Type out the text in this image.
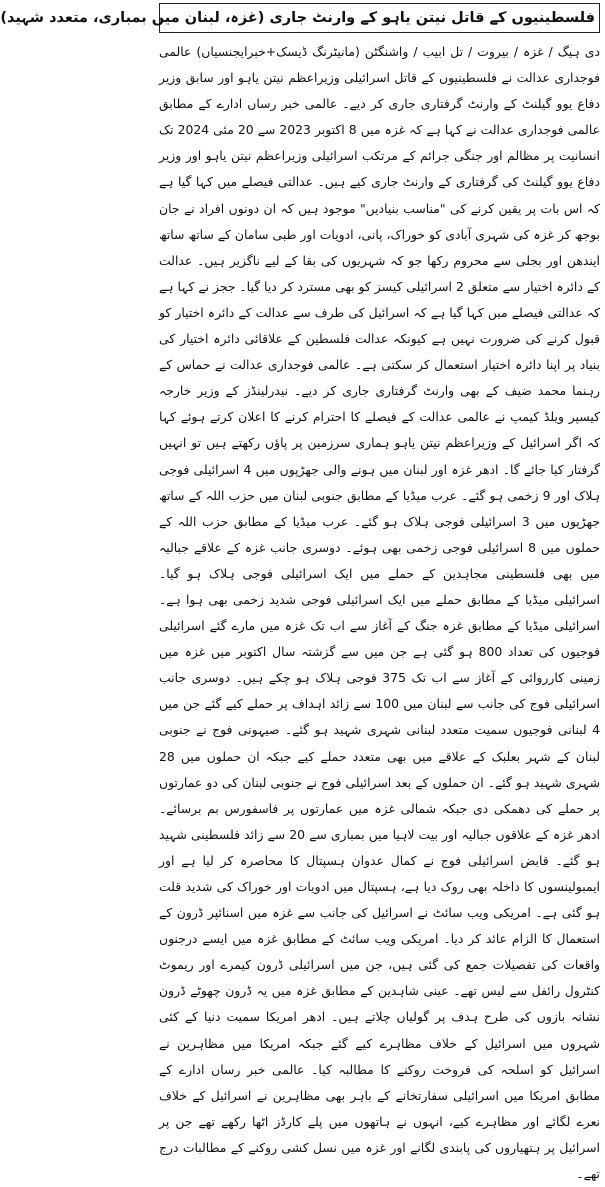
فلسطینیوں کے قاتل نیتن یاہو کے وارنٹ جاری (غزہ، لبنان میں بمباری، متعدد شہید)

دی ہیگ / غزہ / بیروت / تل ابیب / واشنگٹن (مانیٹرنگ ڈیسک+خبرایجنسیاں) عالمی فوجداری عدالت نے فلسطینیوں کے قاتل اسرائیلی وزیراعظم نیتن یاہو اور سابق وزیر دفاع یوو گیلنٹ کے وارنٹ گرفتاری جاری کر دیے۔ عالمی خبر رساں ادارے کے مطابق عالمی فوجداری عدالت نے کہا ہے کہ غزہ میں 8 اکتوبر 2023 سے 20 مئی 2024 تک انسانیت پر مظالم اور جنگی جرائم کے مرتکب اسرائیلی وزیراعظم نیتن یاہو اور وزیر دفاع یوو گیلنٹ کی گرفتاری کے وارنٹ جاری کیے ہیں۔ عدالتی فیصلے میں کہا گیا ہے کہ اس بات پر یقین کرنے کی "مناسب بنیادیں" موجود ہیں کہ ان دونوں افراد نے جان بوجھ کر غزہ کی شہری آبادی کو خوراک، پانی، ادویات اور طبی سامان کے ساتھ ساتھ ایندھن اور بجلی سے محروم رکھا جو کہ شہریوں کی بقا کے لیے ناگزیر ہیں۔ عدالت کے دائرہ اختیار سے متعلق 2 اسرائیلی کیسز کو بھی مسترد کر دیا گیا۔ ججز نے کہا ہے کہ عدالتی فیصلے میں کہا گیا ہے کہ اسرائیل کی طرف سے عدالت کے دائرہ اختیار کو قبول کرنے کی ضرورت نہیں ہے کیونکہ عدالت فلسطین کے علاقائی دائرہ اختیار کی بنیاد پر اپنا دائرہ اختیار استعمال کر سکتی ہے۔ عالمی فوجداری عدالت نے حماس کے رہنما محمد ضیف کے بھی وارنٹ گرفتاری جاری کر دیے۔ نیدرلینڈز کے وزیر خارجہ کیسپر ویلڈ کیمپ نے عالمی عدالت کے فیصلے کا احترام کرنے کا اعلان کرتے ہوئے کہا کہ اگر اسرائیل کے وزیراعظم نیتن یاہو ہماری سرزمین پر پاؤں رکھتے ہیں تو انہیں گرفتار کیا جائے گا۔ ادھر غزہ اور لبنان میں ہونے والی جھڑپوں میں 4 اسرائیلی فوجی ہلاک اور 9 زخمی ہو گئے۔ عرب میڈیا کے مطابق جنوبی لبنان میں حزب اللہ کے ساتھ جھڑپوں میں 3 اسرائیلی فوجی ہلاک ہو گئے۔ عرب میڈیا کے مطابق حزب اللہ کے حملوں میں 8 اسرائیلی فوجی زخمی بھی ہوئے۔ دوسری جانب غزہ کے علاقے جبالیہ میں بھی فلسطینی مجاہدین کے حملے میں ایک اسرائیلی فوجی ہلاک ہو گیا۔ اسرائیلی میڈیا کے مطابق حملے میں ایک اسرائیلی فوجی شدید زخمی بھی ہوا ہے۔ اسرائیلی میڈیا کے مطابق غزہ جنگ کے آغاز سے اب تک غزہ میں مارے گئے اسرائیلی فوجیوں کی تعداد 800 ہو گئی ہے جن میں سے گزشتہ سال اکتوبر میں غزہ میں زمینی کارروائی کے آغاز سے اب تک 375 فوجی ہلاک ہو چکے ہیں۔ دوسری جانب اسرائیلی فوج کی جانب سے لبنان میں 100 سے زائد اہداف پر حملے کیے گئے جن میں 4 لبنانی فوجیوں سمیت متعدد لبنانی شہری شہید ہو گئے۔ صیہونی فوج نے جنوبی لبنان کے شہر بعلبک کے علاقے میں بھی متعدد حملے کیے جبکہ ان حملوں میں 28 شہری شہید ہو گئے۔ ان حملوں کے بعد اسرائیلی فوج نے جنوبی لبنان کی دو عمارتوں پر حملے کی دھمکی دی جبکہ شمالی غزہ میں عمارتوں پر فاسفورس بم برسائے۔ ادھر غزہ کے علاقوں جبالیہ اور بیت لاہیا میں بمباری سے 20 سے زائد فلسطینی شہید ہو گئے۔ قابض اسرائیلی فوج نے کمال عدوان ہسپتال کا محاصرہ کر لیا ہے اور ایمبولینسوں کا داخلہ بھی روک دیا ہے، ہسپتال میں ادویات اور خوراک کی شدید قلت ہو گئی ہے۔ امریکی ویب سائٹ نے اسرائیل کی جانب سے غزہ میں اسنائپر ڈرون کے استعمال کا الزام عائد کر دیا۔ امریکی ویب سائٹ کے مطابق غزہ میں ایسے درجنوں واقعات کی تفصیلات جمع کی گئی ہیں، جن میں اسرائیلی ڈرون کیمرے اور ریموٹ کنٹرول رائفل سے لیس تھے۔ عینی شاہدین کے مطابق غزہ میں یہ ڈرون چھوٹے ڈرون نشانہ بازوں کی طرح ہدف پر گولیاں چلاتے ہیں۔ ادھر امریکا سمیت دنیا کے کئی شہروں میں اسرائیل کے خلاف مظاہرے کیے گئے جبکہ امریکا میں مظاہرین نے اسرائیل کو اسلحہ کی فروخت روکنے کا مطالبہ کیا۔ عالمی خبر رساں ادارے کے مطابق امریکا میں اسرائیلی سفارتخانے کے باہر بھی مظاہرین نے اسرائیل کے خلاف نعرے لگائے اور مظاہرے کیے، انہوں نے ہاتھوں میں پلے کارڈز اٹھا رکھے تھے جن پر اسرائیل پر ہتھیاروں کی پابندی لگانے اور غزہ میں نسل کشی روکنے کے مطالبات درج تھے۔
